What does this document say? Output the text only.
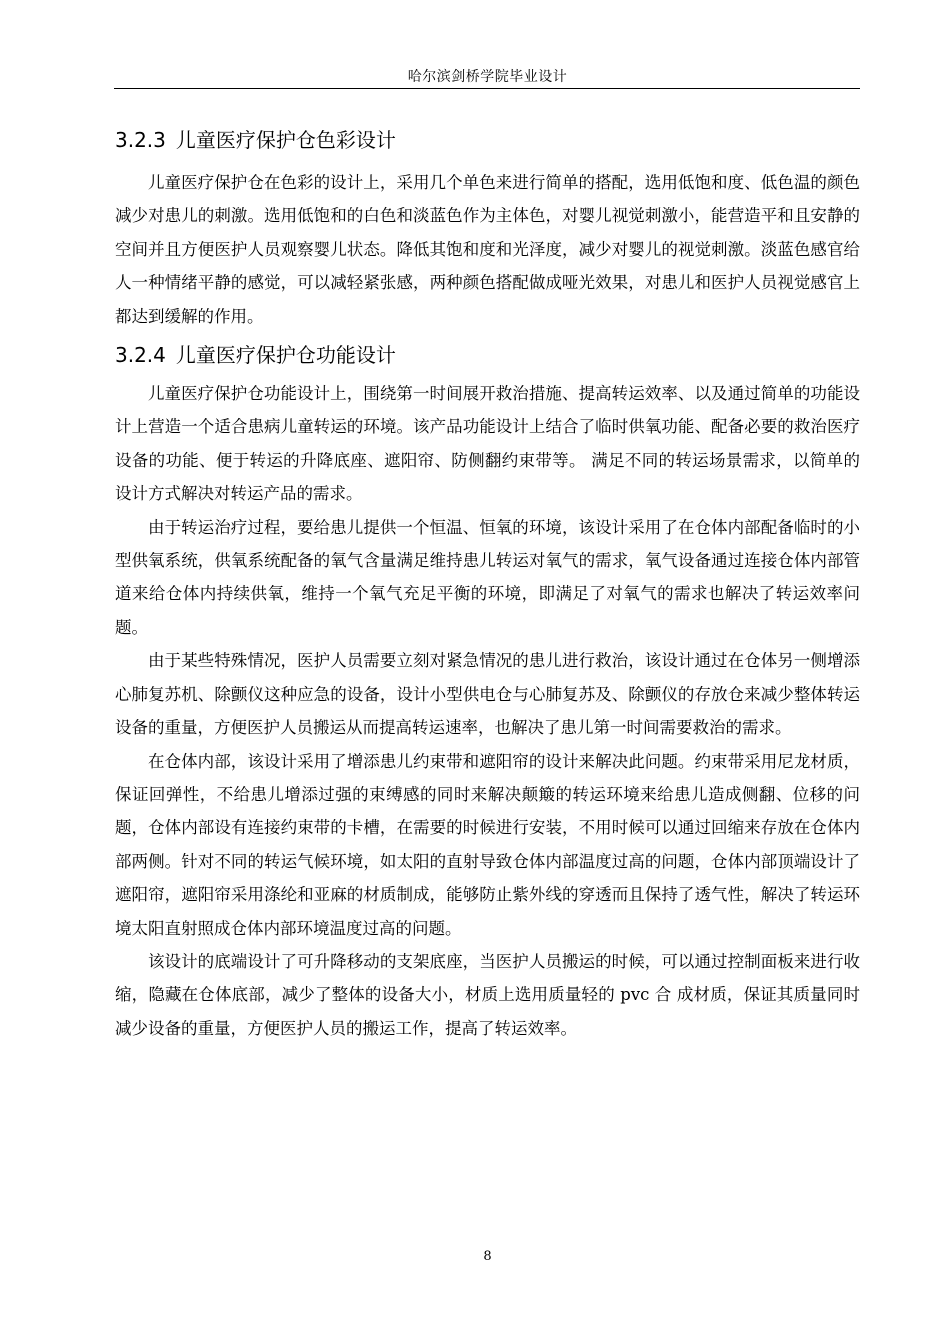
哈尔滨剑桥学院毕业设计
3.2.3 儿童医疗保护仓色彩设计

儿童医疗保护仓在色彩的设计上，采用几个单色来进行简单的搭配，选用低饱和度、低色温的颜色减少对患儿的刺激。选用低饱和的白色和淡蓝色作为主体色，对婴儿视觉刺激小，能营造平和且安静的空间并且方便医护人员观察婴儿状态。降低其饱和度和光泽度，减少对婴儿的视觉刺激。淡蓝色感官给人一种情绪平静的感觉，可以减轻紧张感，两种颜色搭配做成哑光效果，对患儿和医护人员视觉感官上都达到缓解的作用。

3.2.4 儿童医疗保护仓功能设计

儿童医疗保护仓功能设计上，围绕第一时间展开救治措施、提高转运效率、以及通过简单的功能设计上营造一个适合患病儿童转运的环境。该产品功能设计上结合了临时供氧功能、配备必要的救治医疗设备的功能、便于转运的升降底座、遮阳帘、防侧翻约束带等。 满足不同的转运场景需求，以简单的设计方式解决对转运产品的需求。

由于转运治疗过程，要给患儿提供一个恒温、恒氧的环境，该设计采用了在仓体内部配备临时的小型供氧系统，供氧系统配备的氧气含量满足维持患儿转运对氧气的需求，氧气设备通过连接仓体内部管道来给仓体内持续供氧，维持一个氧气充足平衡的环境，即满足了对氧气的需求也解决了转运效率问题。

由于某些特殊情况，医护人员需要立刻对紧急情况的患儿进行救治，该设计通过在仓体另一侧增添心肺复苏机、除颤仪这种应急的设备，设计小型供电仓与心肺复苏及、除颤仪的存放仓来减少整体转运设备的重量，方便医护人员搬运从而提高转运速率，也解决了患儿第一时间需要救治的需求。

在仓体内部，该设计采用了增添患儿约束带和遮阳帘的设计来解决此问题。约束带采用尼龙材质，保证回弹性，不给患儿增添过强的束缚感的同时来解决颠簸的转运环境来给患儿造成侧翻、位移的问题，仓体内部设有连接约束带的卡槽，在需要的时候进行安装，不用时候可以通过回缩来存放在仓体内部两侧。针对不同的转运气候环境，如太阳的直射导致仓体内部温度过高的问题，仓体内部顶端设计了遮阳帘，遮阳帘采用涤纶和亚麻的材质制成，能够防止紫外线的穿透而且保持了透气性，解决了转运环境太阳直射照成仓体内部环境温度过高的问题。

该设计的底端设计了可升降移动的支架底座，当医护人员搬运的时候，可以通过控制面板来进行收缩，隐藏在仓体底部，减少了整体的设备大小，材质上选用质量轻的 pvc 合 成材质，保证其质量同时减少设备的重量，方便医护人员的搬运工作，提高了转运效率。

8
